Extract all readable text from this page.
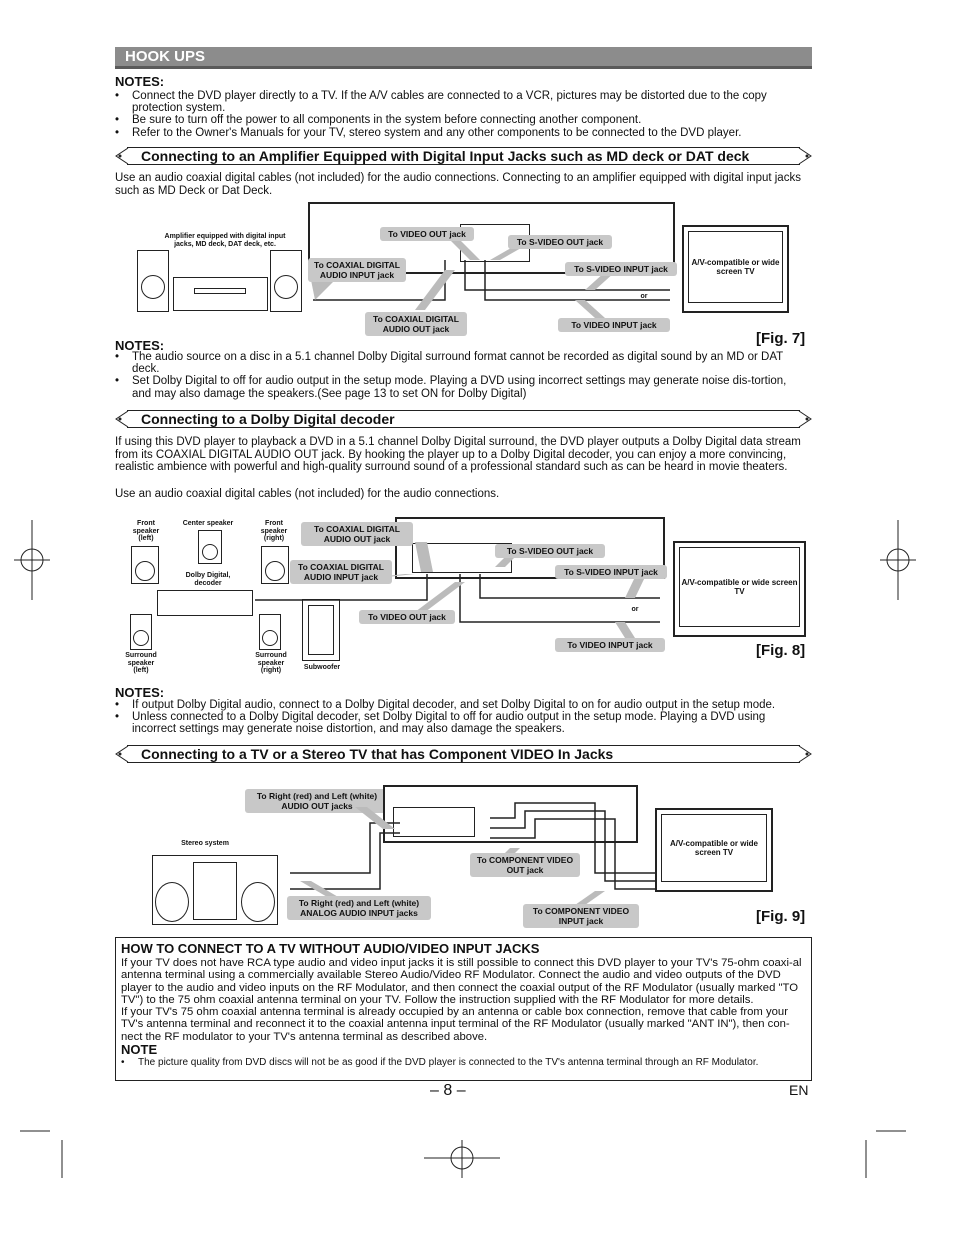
HOOK UPS
NOTES:
• Connect the DVD player directly to a TV. If the A/V cables are connected to a VCR, pictures may be distorted due to the copy protection system.
• Be sure to turn off the power to all components in the system before connecting another component.
• Refer to the Owner's Manuals for your TV, stereo system and any other components to be connected to the DVD player.
Connecting to an Amplifier Equipped with Digital Input Jacks such as MD deck or DAT deck
Use an audio coaxial digital cables (not included) for the audio connections. Connecting to an amplifier equipped with digital input jacks such as MD Deck or Dat Deck.
Amplifier equipped with digital input jacks, MD deck, DAT deck, etc.
To VIDEO OUT jack
To S-VIDEO OUT jack
To COAXIAL DIGITAL AUDIO INPUT jack
To S-VIDEO INPUT jack
To COAXIAL DIGITAL AUDIO OUT jack	To VIDEO INPUT jack
or
A/V-compatible or wide screen TV
[Fig. 7]
NOTES:
• The audio source on a disc in a 5.1 channel Dolby Digital surround format cannot be recorded as digital sound by an MD or DAT deck.
• Set Dolby Digital to off for audio output in the setup mode. Playing a DVD using incorrect settings may generate noise dis-tortion, and may also damage the speakers.(See page 13 to set ON for Dolby Digital)
Connecting to a Dolby Digital decoder
If using this DVD player to playback a DVD in a 5.1 channel Dolby Digital surround, the DVD player outputs a Dolby Digital data stream from its COAXIAL DIGITAL AUDIO OUT jack. By hooking the player up to a Dolby Digital decoder, you can enjoy a more convincing, realistic ambience with powerful and high-quality surround sound of a professional standard such as can be heard in movie theaters.
Use an audio coaxial digital cables (not included) for the audio connections.
Front speaker (left)
Center speaker	Front speaker (right)
Dolby Digital, decoder
Surround speaker (left)
Surround speaker (right)	Subwoofer
To COAXIAL DIGITAL AUDIO OUT jack
To COAXIAL DIGITAL AUDIO INPUT jack
To S-VIDEO OUT jack
To S-VIDEO INPUT jack
To VIDEO OUT jack
To VIDEO INPUT jack
or
A/V-compatible or wide screen TV
[Fig. 8]
NOTES:
• If output Dolby Digital audio, connect to a Dolby Digital decoder, and set Dolby Digital to on for audio output in the setup mode.
• Unless connected to a Dolby Digital decoder, set Dolby Digital to off for audio output in the setup mode. Playing a DVD using incorrect settings may generate noise distortion, and may also damage the speakers.
Connecting to a TV or a Stereo TV that has Component VIDEO In Jacks
To Right (red) and Left (white) AUDIO OUT jacks
Stereo system
To COMPONENT VIDEO OUT jack
To Right (red) and Left (white) ANALOG AUDIO INPUT jacks	To COMPONENT VIDEO INPUT jack
A/V-compatible or wide screen TV
[Fig. 9]
HOW TO CONNECT TO A TV WITHOUT AUDIO/VIDEO INPUT JACKS
If your TV does not have RCA type audio and video input jacks it is still possible to connect this DVD player to your TV's 75-ohm coaxi-al antenna terminal using a commercially available Stereo Audio/Video RF Modulator. Connect the audio and video outputs of the DVD player to the audio and video inputs on the RF Modulator, and then connect the coaxial output of the RF Modulator (usually marked "TO TV") to the 75 ohm coaxial antenna terminal on your TV. Follow the instruction supplied with the RF Modulator for more details.
If your TV's 75 ohm coaxial antenna terminal is already occupied by an antenna or cable box connection, remove that cable from your TV's antenna terminal and reconnect it to the coaxial antenna input terminal of the RF Modulator (usually marked "ANT IN"), then con-nect the RF modulator to your TV's antenna terminal as described above.
NOTE
• The picture quality from DVD discs will not be as good if the DVD player is connected to the TV's antenna terminal through an RF Modulator.
– 8 –	EN
